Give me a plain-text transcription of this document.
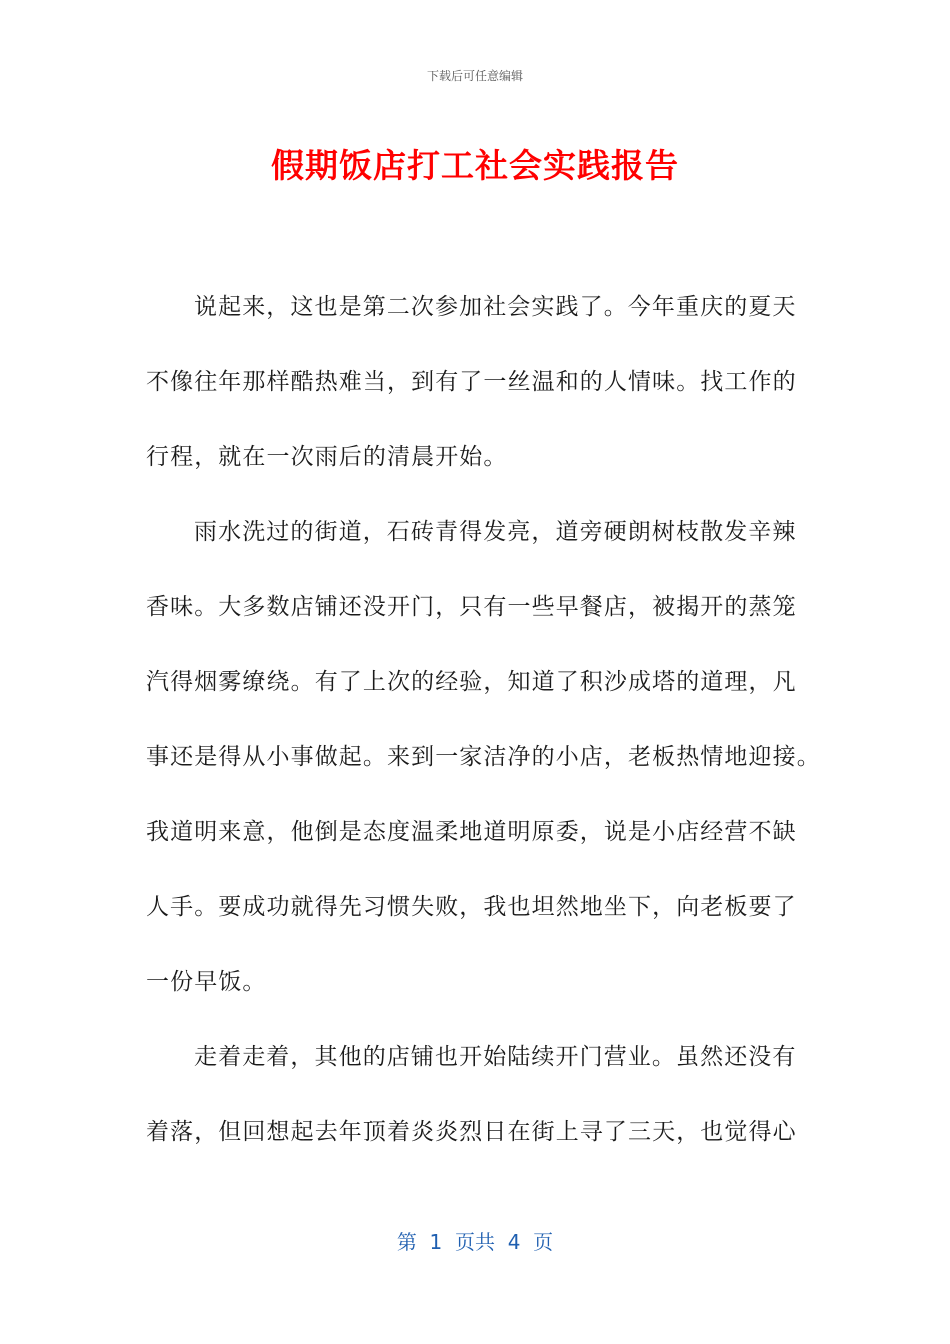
下载后可任意编辑
假期饭店打工社会实践报告
说起来，这也是第二次参加社会实践了。今年重庆的夏天
不像往年那样酷热难当，到有了一丝温和的人情味。找工作的
行程，就在一次雨后的清晨开始。
雨水洗过的街道，石砖青得发亮，道旁硬朗树枝散发辛辣
香味。大多数店铺还没开门，只有一些早餐店，被揭开的蒸笼
汽得烟雾缭绕。有了上次的经验，知道了积沙成塔的道理，凡
事还是得从小事做起。来到一家洁净的小店，老板热情地迎接。
我道明来意，他倒是态度温柔地道明原委，说是小店经营不缺
人手。要成功就得先习惯失败，我也坦然地坐下，向老板要了
一份早饭。
走着走着，其他的店铺也开始陆续开门营业。虽然还没有
着落，但回想起去年顶着炎炎烈日在街上寻了三天，也觉得心
第  1  页共  4  页
